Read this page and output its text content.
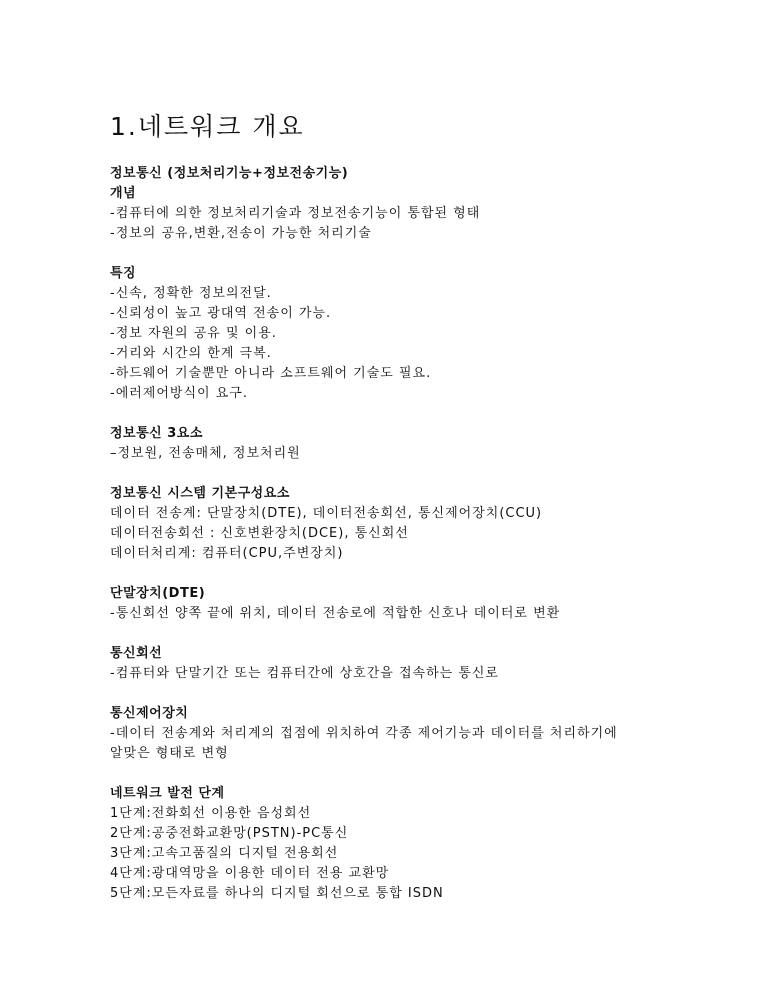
1.네트워크 개요

정보통신 (정보처리기능+정보전송기능)

개념

-컴퓨터에 의한 정보처리기술과 정보전송기능이 통합된 형태

-정보의 공유,변환,전송이 가능한 처리기술

특징

-신속, 정확한 정보의전달.

-신뢰성이 높고 광대역 전송이 가능.

-정보 자원의 공유 및 이용.

-거리와 시간의 한계 극복.

-하드웨어 기술뿐만 아니라 소프트웨어 기술도 필요.

-에러제어방식이 요구.

정보통신 3요소

–정보원, 전송매체, 정보처리원

정보통신 시스템 기본구성요소

데이터 전송계: 단말장치(DTE), 데이터전송회선, 통신제어장치(CCU)

데이터전송회선 : 신호변환장치(DCE), 통신회선

데이터처리계: 컴퓨터(CPU,주변장치)

단말장치(DTE)

-통신회선 양쪽 끝에 위치, 데이터 전송로에 적합한 신호나 데이터로 변환

통신회선

-컴퓨터와 단말기간 또는 컴퓨터간에 상호간을 접속하는 통신로

통신제어장치

-데이터 전송계와 처리계의 접점에 위치하여 각종 제어기능과 데이터를 처리하기에

알맞은 형태로 변형

네트워크 발전 단계

1단계:전화회선 이용한 음성회선

2단계:공중전화교환망(PSTN)-PC통신

3단계:고속고품질의 디지털 전용회선

4단계:광대역망을 이용한 데이터 전용 교환망

5단계:모든자료를 하나의 디지털 회선으로 통합 ISDN
